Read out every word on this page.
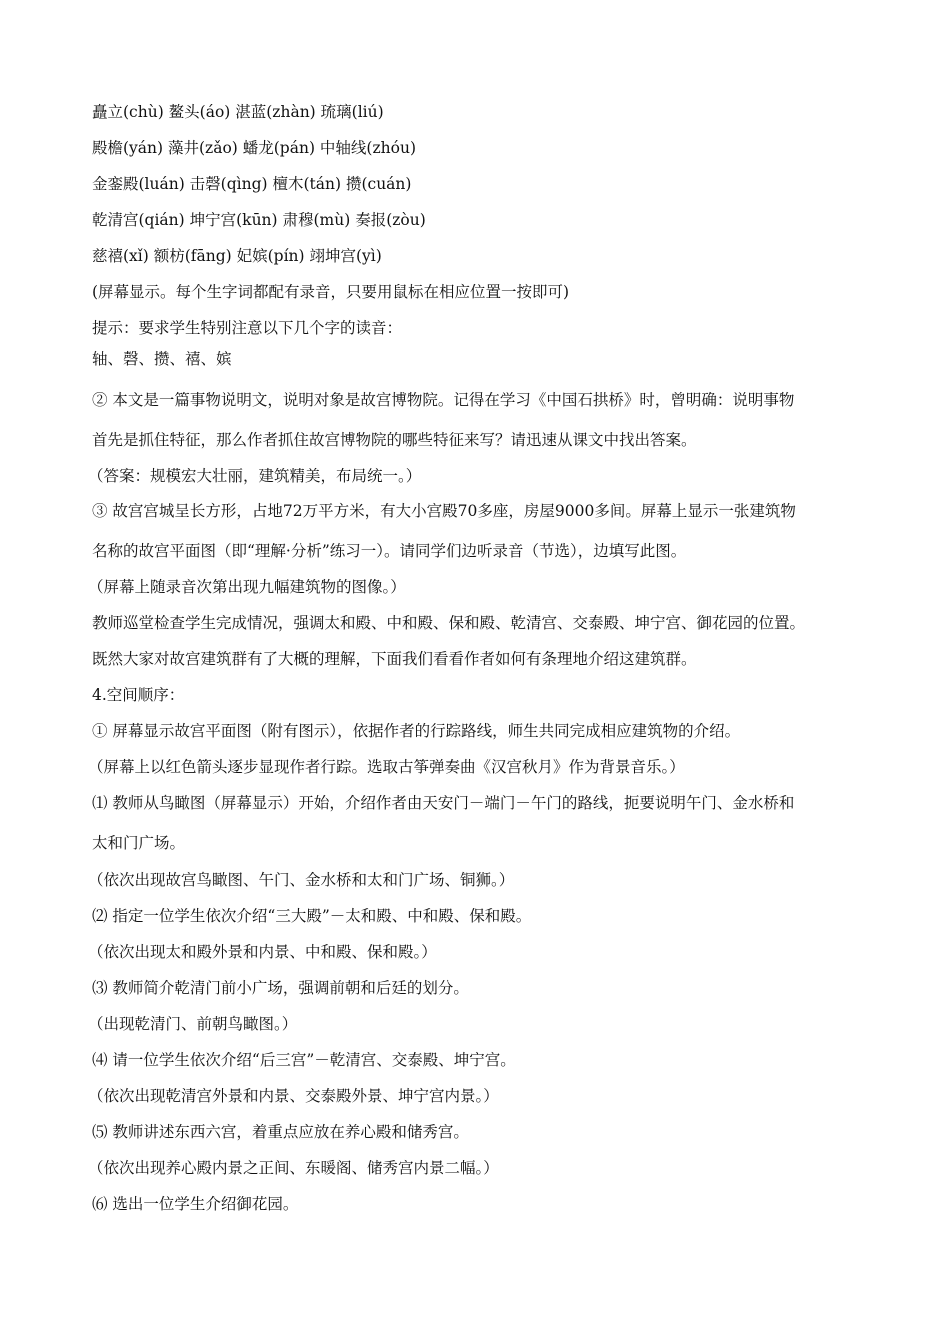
矗立(chù) 鳌头(áo) 湛蓝(zhàn) 琉璃(liú)
殿檐(yán) 藻井(zǎo) 蟠龙(pán) 中轴线(zhóu)
金銮殿(luán) 击磬(qìng) 檀木(tán) 攒(cuán)
乾清宫(qián) 坤宁宫(kūn) 肃穆(mù) 奏报(zòu)
慈禧(xǐ) 额枋(fāng) 妃嫔(pín) 翊坤宫(yì)
(屏幕显示。每个生字词都配有录音，只要用鼠标在相应位置一按即可)
提示：要求学生特别注意以下几个字的读音：
轴、磬、攒、禧、嫔
② 本文是一篇事物说明文，说明对象是故宫博物院。记得在学习《中国石拱桥》时，曾明确：说明事物
首先是抓住特征，那么作者抓住故宫博物院的哪些特征来写？请迅速从课文中找出答案。
（答案：规模宏大壮丽，建筑精美，布局统一。）
③ 故宫宫城呈长方形，占地72万平方米，有大小宫殿70多座，房屋9000多间。屏幕上显示一张建筑物
名称的故宫平面图（即“理解·分析”练习一）。请同学们边听录音（节选），边填写此图。
（屏幕上随录音次第出现九幅建筑物的图像。）
教师巡堂检查学生完成情况，强调太和殿、中和殿、保和殿、乾清宫、交泰殿、坤宁宫、御花园的位置。
既然大家对故宫建筑群有了大概的理解，下面我们看看作者如何有条理地介绍这建筑群。
4.空间顺序：
① 屏幕显示故宫平面图（附有图示），依据作者的行踪路线，师生共同完成相应建筑物的介绍。
（屏幕上以红色箭头逐步显现作者行踪。选取古筝弹奏曲《汉宫秋月》作为背景音乐。）
⑴ 教师从鸟瞰图（屏幕显示）开始，介绍作者由天安门－端门－午门的路线，扼要说明午门、金水桥和
太和门广场。
（依次出现故宫鸟瞰图、午门、金水桥和太和门广场、铜狮。）
⑵ 指定一位学生依次介绍“三大殿”－太和殿、中和殿、保和殿。
（依次出现太和殿外景和内景、中和殿、保和殿。）
⑶ 教师简介乾清门前小广场，强调前朝和后廷的划分。
（出现乾清门、前朝鸟瞰图。）
⑷ 请一位学生依次介绍“后三宫”－乾清宫、交泰殿、坤宁宫。
（依次出现乾清宫外景和内景、交泰殿外景、坤宁宫内景。）
⑸ 教师讲述东西六宫，着重点应放在养心殿和储秀宫。
（依次出现养心殿内景之正间、东暖阁、储秀宫内景二幅。）
⑹ 选出一位学生介绍御花园。
